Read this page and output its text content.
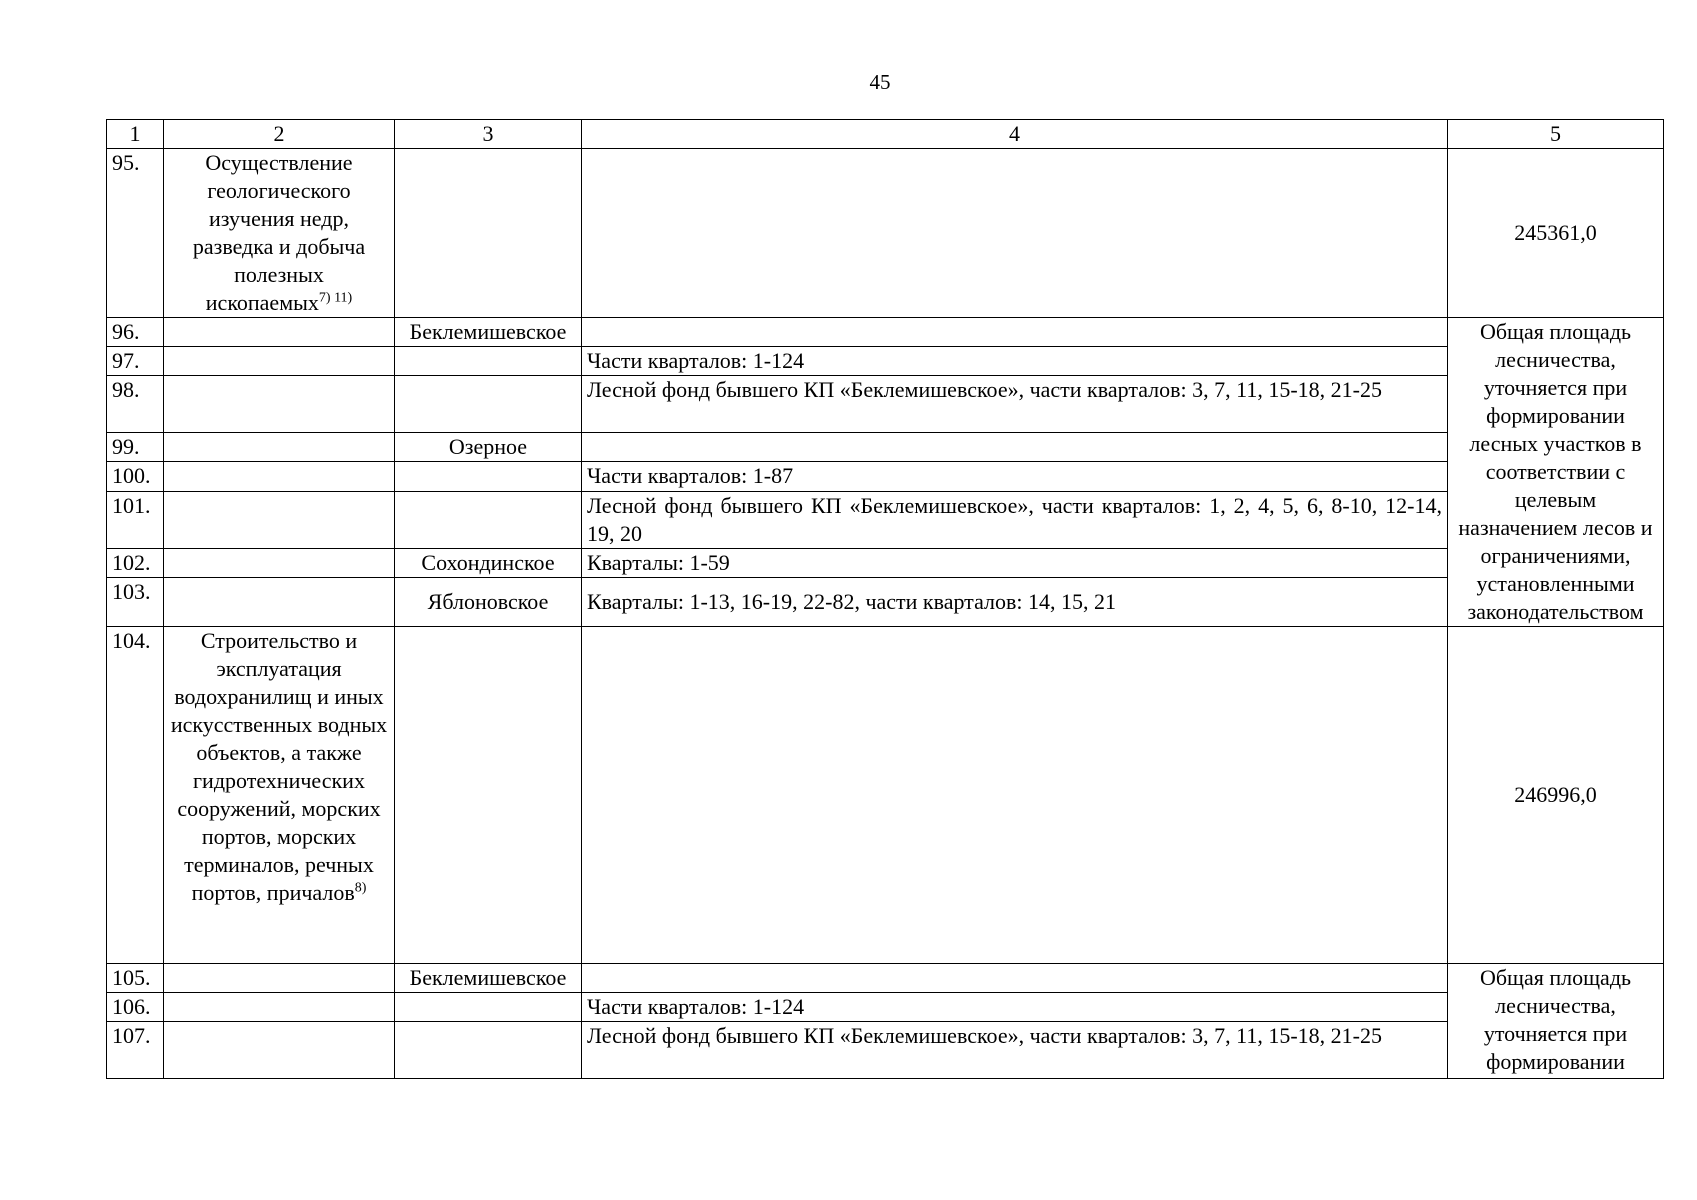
45
1	2	3	4	5
95.	Осуществление геологического изучения недр, разведка и добыча полезных ископаемых$^{7) 11)}$			245361,0
96.		Беклемишевское		Общая площадь лесничества, уточняется при формировании лесных участков в соответствии с целевым назначением лесов и ограничениями, установленными законодательством
97.			Части кварталов: 1-124	
98.			Лесной фонд бывшего КП «Беклемишевское», части кварталов: 3, 7, 11, 15-18, 21-25	
99.		Озерное		
100.			Части кварталов: 1-87	
101.			Лесной фонд бывшего КП «Беклемишевское», части кварталов: 1, 2, 4, 5, 6, 8-10, 12-14, 19, 20	
102.		Сохондинское	Кварталы: 1-59	
103.		Яблоновское	Кварталы: 1-13, 16-19, 22-82, части кварталов: 14, 15, 21	
104.	Строительство и эксплуатация водохранилищ и иных искусственных водных объектов, а также гидротехнических сооружений, морских портов, морских терминалов, речных портов, причалов$^{8)}$			246996,0
105.		Беклемишевское		Общая площадь лесничества, уточняется при формировании
106.			Части кварталов: 1-124	
107.			Лесной фонд бывшего КП «Беклемишевское», части кварталов: 3, 7, 11, 15-18, 21-25	
